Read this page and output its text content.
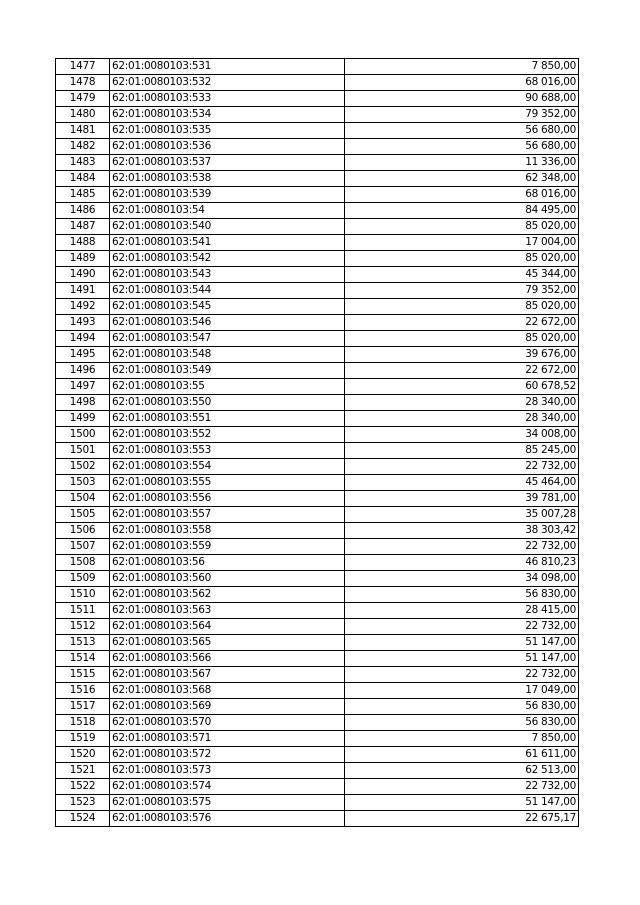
1477	62:01:0080103:531	7 850,00
1478	62:01:0080103:532	68 016,00
1479	62:01:0080103:533	90 688,00
1480	62:01:0080103:534	79 352,00
1481	62:01:0080103:535	56 680,00
1482	62:01:0080103:536	56 680,00
1483	62:01:0080103:537	11 336,00
1484	62:01:0080103:538	62 348,00
1485	62:01:0080103:539	68 016,00
1486	62:01:0080103:54	84 495,00
1487	62:01:0080103:540	85 020,00
1488	62:01:0080103:541	17 004,00
1489	62:01:0080103:542	85 020,00
1490	62:01:0080103:543	45 344,00
1491	62:01:0080103:544	79 352,00
1492	62:01:0080103:545	85 020,00
1493	62:01:0080103:546	22 672,00
1494	62:01:0080103:547	85 020,00
1495	62:01:0080103:548	39 676,00
1496	62:01:0080103:549	22 672,00
1497	62:01:0080103:55	60 678,52
1498	62:01:0080103:550	28 340,00
1499	62:01:0080103:551	28 340,00
1500	62:01:0080103:552	34 008,00
1501	62:01:0080103:553	85 245,00
1502	62:01:0080103:554	22 732,00
1503	62:01:0080103:555	45 464,00
1504	62:01:0080103:556	39 781,00
1505	62:01:0080103:557	35 007,28
1506	62:01:0080103:558	38 303,42
1507	62:01:0080103:559	22 732,00
1508	62:01:0080103:56	46 810,23
1509	62:01:0080103:560	34 098,00
1510	62:01:0080103:562	56 830,00
1511	62:01:0080103:563	28 415,00
1512	62:01:0080103:564	22 732,00
1513	62:01:0080103:565	51 147,00
1514	62:01:0080103:566	51 147,00
1515	62:01:0080103:567	22 732,00
1516	62:01:0080103:568	17 049,00
1517	62:01:0080103:569	56 830,00
1518	62:01:0080103:570	56 830,00
1519	62:01:0080103:571	7 850,00
1520	62:01:0080103:572	61 611,00
1521	62:01:0080103:573	62 513,00
1522	62:01:0080103:574	22 732,00
1523	62:01:0080103:575	51 147,00
1524	62:01:0080103:576	22 675,17
